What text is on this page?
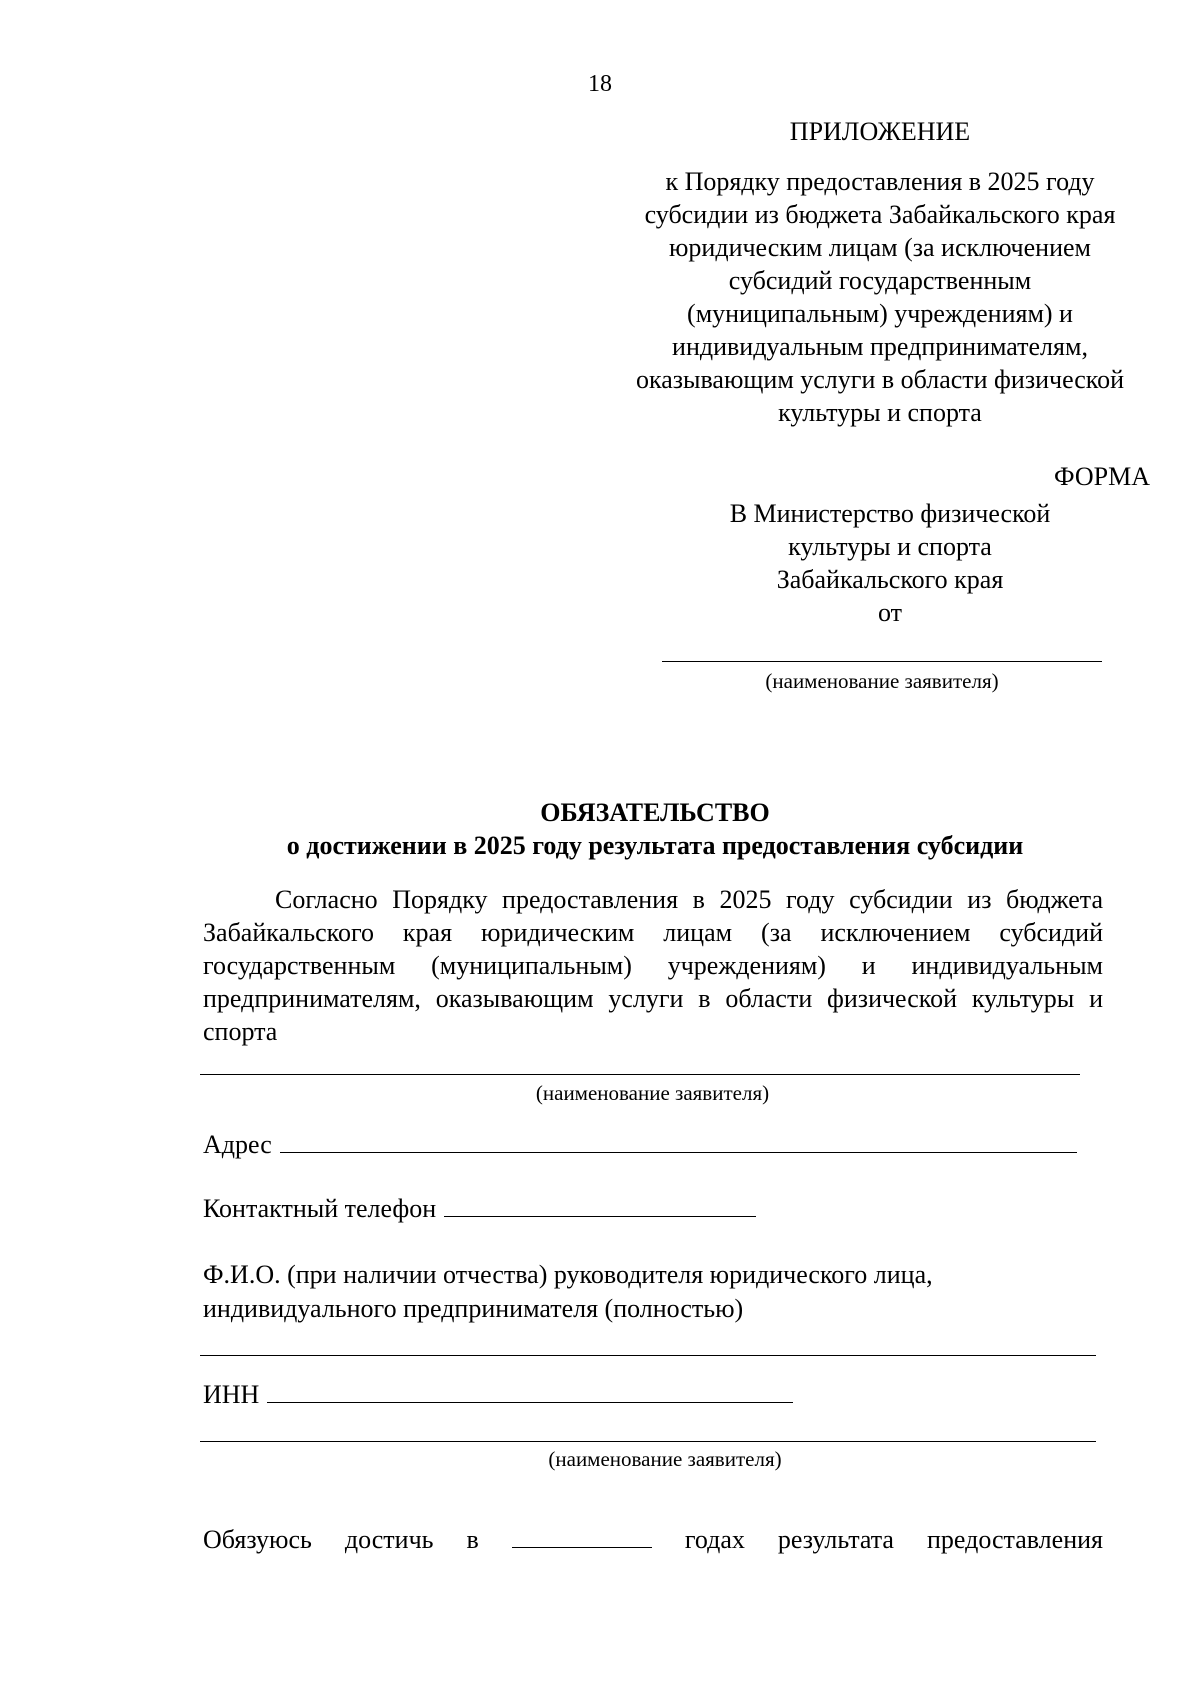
18
ПРИЛОЖЕНИЕ
к Порядку предоставления в 2025 году
субсидии из бюджета Забайкальского края
юридическим лицам (за исключением
субсидий государственным
(муниципальным) учреждениям) и
индивидуальным предпринимателям,
оказывающим услуги в области физической
культуры и спорта
ФОРМА
В Министерство физической
культуры и спорта
Забайкальского края
от
(наименование заявителя)
ОБЯЗАТЕЛЬСТВО
о достижении в 2025 году результата предоставления субсидии
Согласно Порядку предоставления в 2025 году субсидии из бюджета Забайкальского края юридическим лицам (за исключением субсидий государственным (муниципальным) учреждениям) и индивидуальным предпринимателям, оказывающим услуги в области физической культуры и спорта
(наименование заявителя)
Адрес
Контактный телефон
Ф.И.О. (при наличии отчества) руководителя юридического лица,
индивидуального предпринимателя (полностью)
ИНН
(наименование заявителя)
Обязуюсь достичь в	годах результата предоставления
